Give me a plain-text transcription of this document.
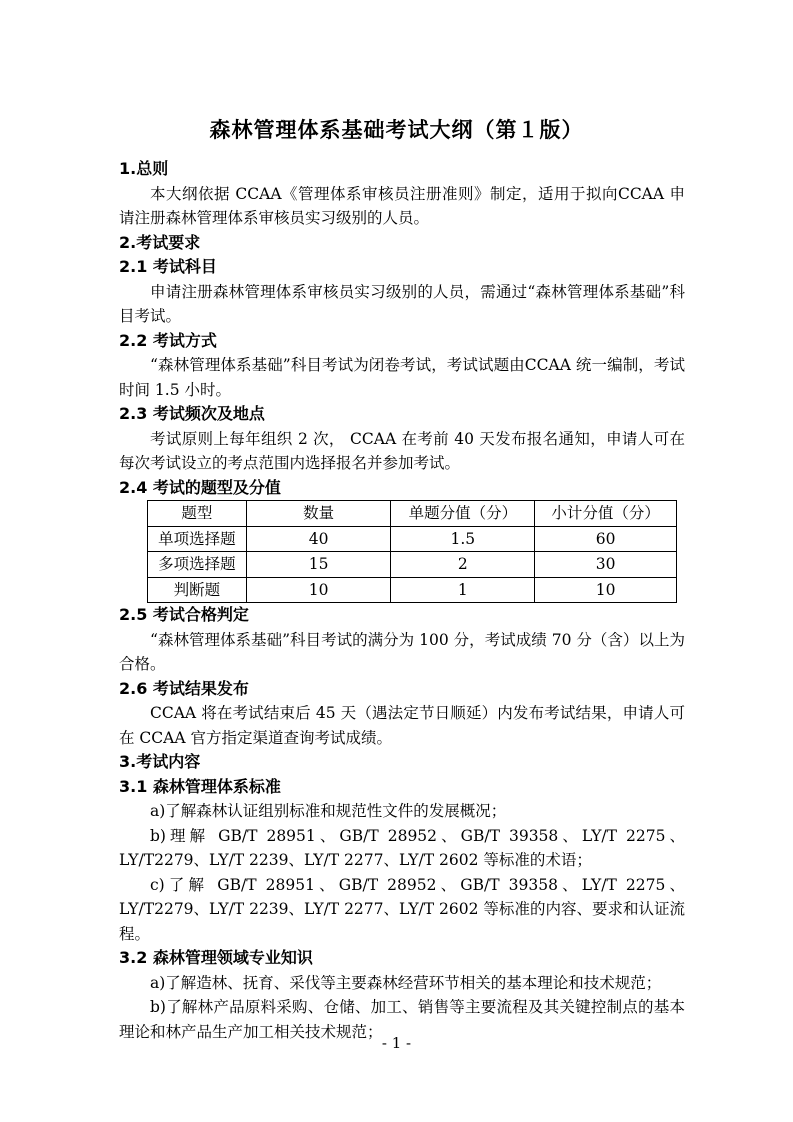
森林管理体系基础考试大纲（第１版）
1.总则

本大纲依据 CCAA《管理体系审核员注册准则》制定，适用于拟向CCAA 申请注册森林管理体系审核员实习级别的人员。

2.考试要求
2.1 考试科目

申请注册森林管理体系审核员实习级别的人员，需通过“森林管理体系基础”科目考试。

2.2 考试方式

“森林管理体系基础”科目考试为闭卷考试，考试试题由CCAA 统一编制，考试时间 1.5 小时。

2.3 考试频次及地点

考试原则上每年组织 2 次， CCAA 在考前 40 天发布报名通知，申请人可在每次考试设立的考点范围内选择报名并参加考试。

2.4 考试的题型及分值
题型	数量	单题分值（分）	小计分值（分）
单项选择题	40	1.5	60
多项选择题	15	2	30
判断题	10	1	10
2.5 考试合格判定

“森林管理体系基础”科目考试的满分为 100 分，考试成绩 70 分（含）以上为合格。

2.6 考试结果发布

CCAA 将在考试结束后 45 天（遇法定节日顺延）内发布考试结果，申请人可在 CCAA 官方指定渠道查询考试成绩。

3.考试内容
3.1 森林管理体系标准

a)了解森林认证组别标准和规范性文件的发展概况；

b)理解 GB/T 28951、GB/T 28952、GB/T 39358、LY/T 2275、LY/T2279、LY/T 2239、LY/T 2277、LY/T 2602 等标准的术语；

c)了解 GB/T 28951、GB/T 28952、GB/T 39358、LY/T 2275、LY/T2279、LY/T 2239、LY/T 2277、LY/T 2602 等标准的内容、要求和认证流程。

3.2 森林管理领域专业知识

a)了解造林、抚育、采伐等主要森林经营环节相关的基本理论和技术规范；

b)了解林产品原料采购、仓储、加工、销售等主要流程及其关键控制点的基本理论和林产品生产加工相关技术规范；

- 1 -
